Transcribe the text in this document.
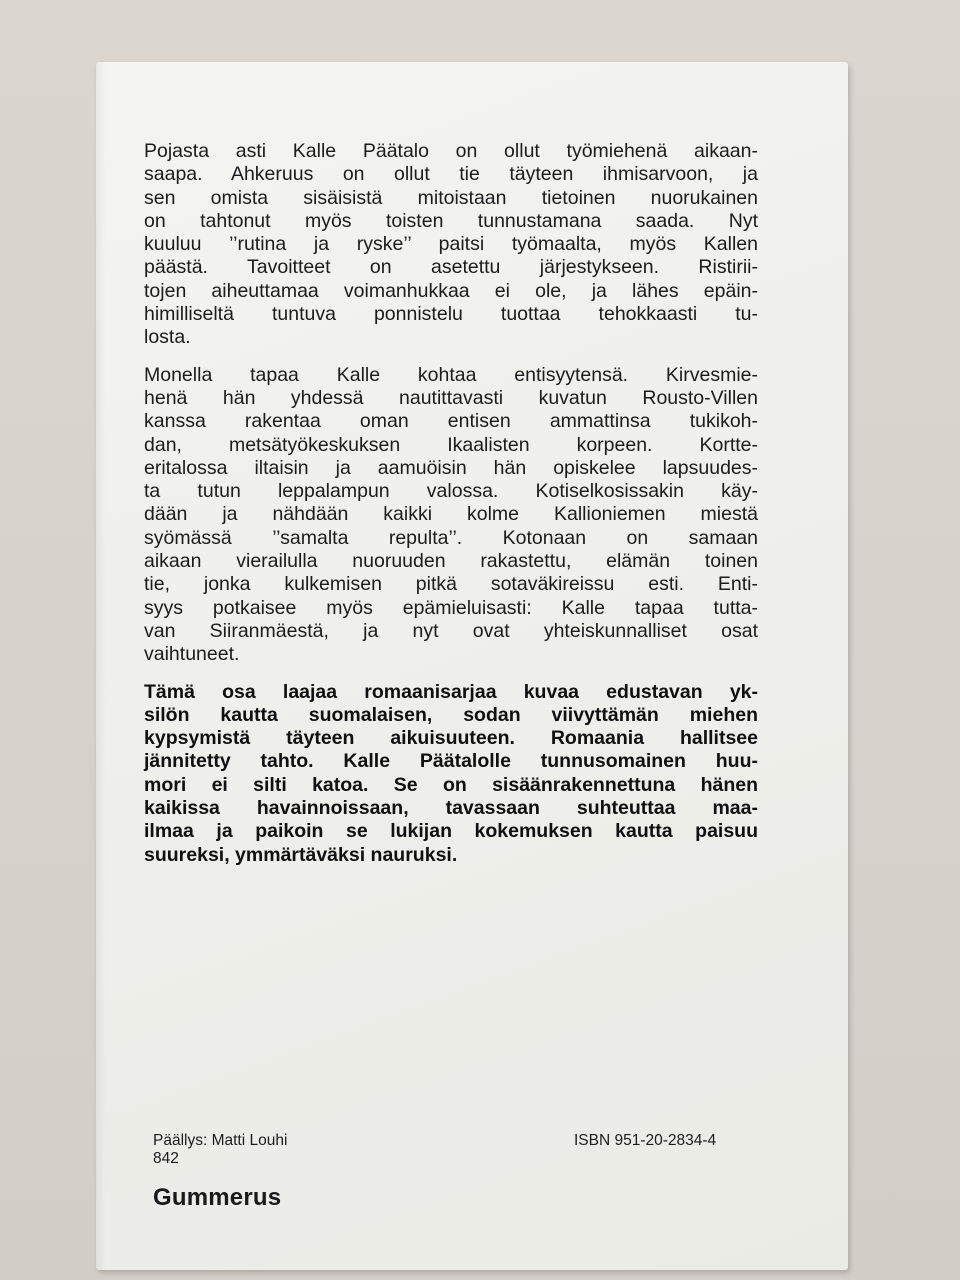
Pojasta asti Kalle Päätalo on ollut työmiehenä aikaan-
saapa. Ahkeruus on ollut tie täyteen ihmisarvoon, ja
sen omista sisäisistä mitoistaan tietoinen nuorukainen
on tahtonut myös toisten tunnustamana saada. Nyt
kuuluu ’’rutina ja ryske’’ paitsi työmaalta, myös Kallen
päästä. Tavoitteet on asetettu järjestykseen. Ristirii-
tojen aiheuttamaa voimanhukkaa ei ole, ja lähes epäin-
himilliseltä tuntuva ponnistelu tuottaa tehokkaasti tu-
losta.
Monella tapaa Kalle kohtaa entisyytensä. Kirvesmie-
henä hän yhdessä nautittavasti kuvatun Rousto-Villen
kanssa rakentaa oman entisen ammattinsa tukikoh-
dan, metsätyökeskuksen Ikaalisten korpeen. Kortte-
eritalossa iltaisin ja aamuöisin hän opiskelee lapsuudes-
ta tutun leppalampun valossa. Kotiselkosissakin käy-
dään ja nähdään kaikki kolme Kallioniemen miestä
syömässä ’’samalta repulta’’. Kotonaan on samaan
aikaan vierailulla nuoruuden rakastettu, elämän toinen
tie, jonka kulkemisen pitkä sotaväkireissu esti. Enti-
syys potkaisee myös epämieluisasti: Kalle tapaa tutta-
van Siiranmäestä, ja nyt ovat yhteiskunnalliset osat
vaihtuneet.
Tämä osa laajaa romaanisarjaa kuvaa edustavan yk-
silön kautta suomalaisen, sodan viivyttämän miehen
kypsymistä täyteen aikuisuuteen. Romaania hallitsee
jännitetty tahto. Kalle Päätalolle tunnusomainen huu-
mori ei silti katoa. Se on sisäänrakennettuna hänen
kaikissa havainnoissaan, tavassaan suhteuttaa maa-
ilmaa ja paikoin se lukijan kokemuksen kautta paisuu
suureksi, ymmärtäväksi nauruksi.
Päällys: Matti Louhi
842
ISBN 951-20-2834-4
Gummerus
